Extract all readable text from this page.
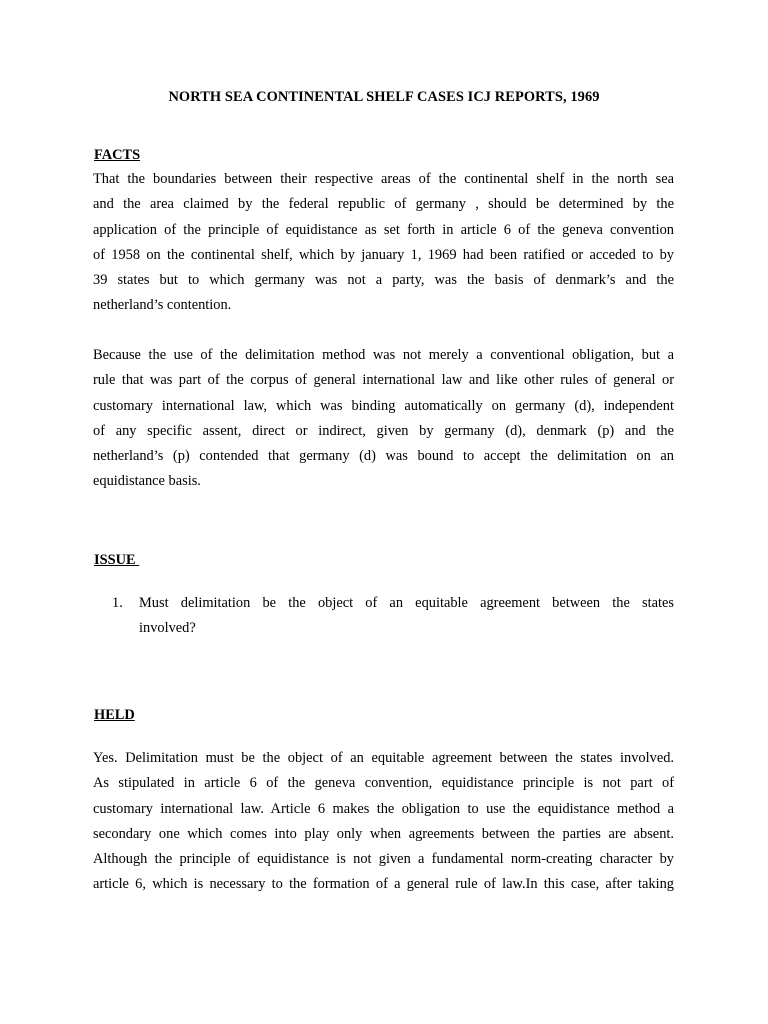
NORTH SEA CONTINENTAL SHELF CASES ICJ REPORTS, 1969
FACTS

That the boundaries between their respective areas of the continental shelf in the north sea
and the area claimed by the federal republic of germany , should be determined by the
application of the principle of equidistance as set forth in article 6 of the geneva convention
of 1958 on the continental shelf, which by january 1, 1969 had been ratified or acceded to by
39 states but to which germany was not a party, was the basis of denmark’s and the
netherland’s contention.

Because the use of the delimitation method was not merely a conventional obligation, but a
rule that was part of the corpus of general international law and like other rules of general or
customary international law, which was binding automatically on germany (d), independent
of any specific assent, direct or indirect, given by germany (d), denmark (p) and the
netherland’s (p) contended that germany (d) was bound to accept the delimitation on an
equidistance basis.

ISSUE
1. Must delimitation be the object of an equitable agreement between the states
involved?
HELD

Yes. Delimitation must be the object of an equitable agreement between the states involved.
As stipulated in article 6 of the geneva convention, equidistance principle is not part of
customary international law. Article 6 makes the obligation to use the equidistance method a
secondary one which comes into play only when agreements between the parties are absent.
Although the principle of equidistance is not given a fundamental norm-creating character by
article 6, which is necessary to the formation of a general rule of law.In this case, after taking
